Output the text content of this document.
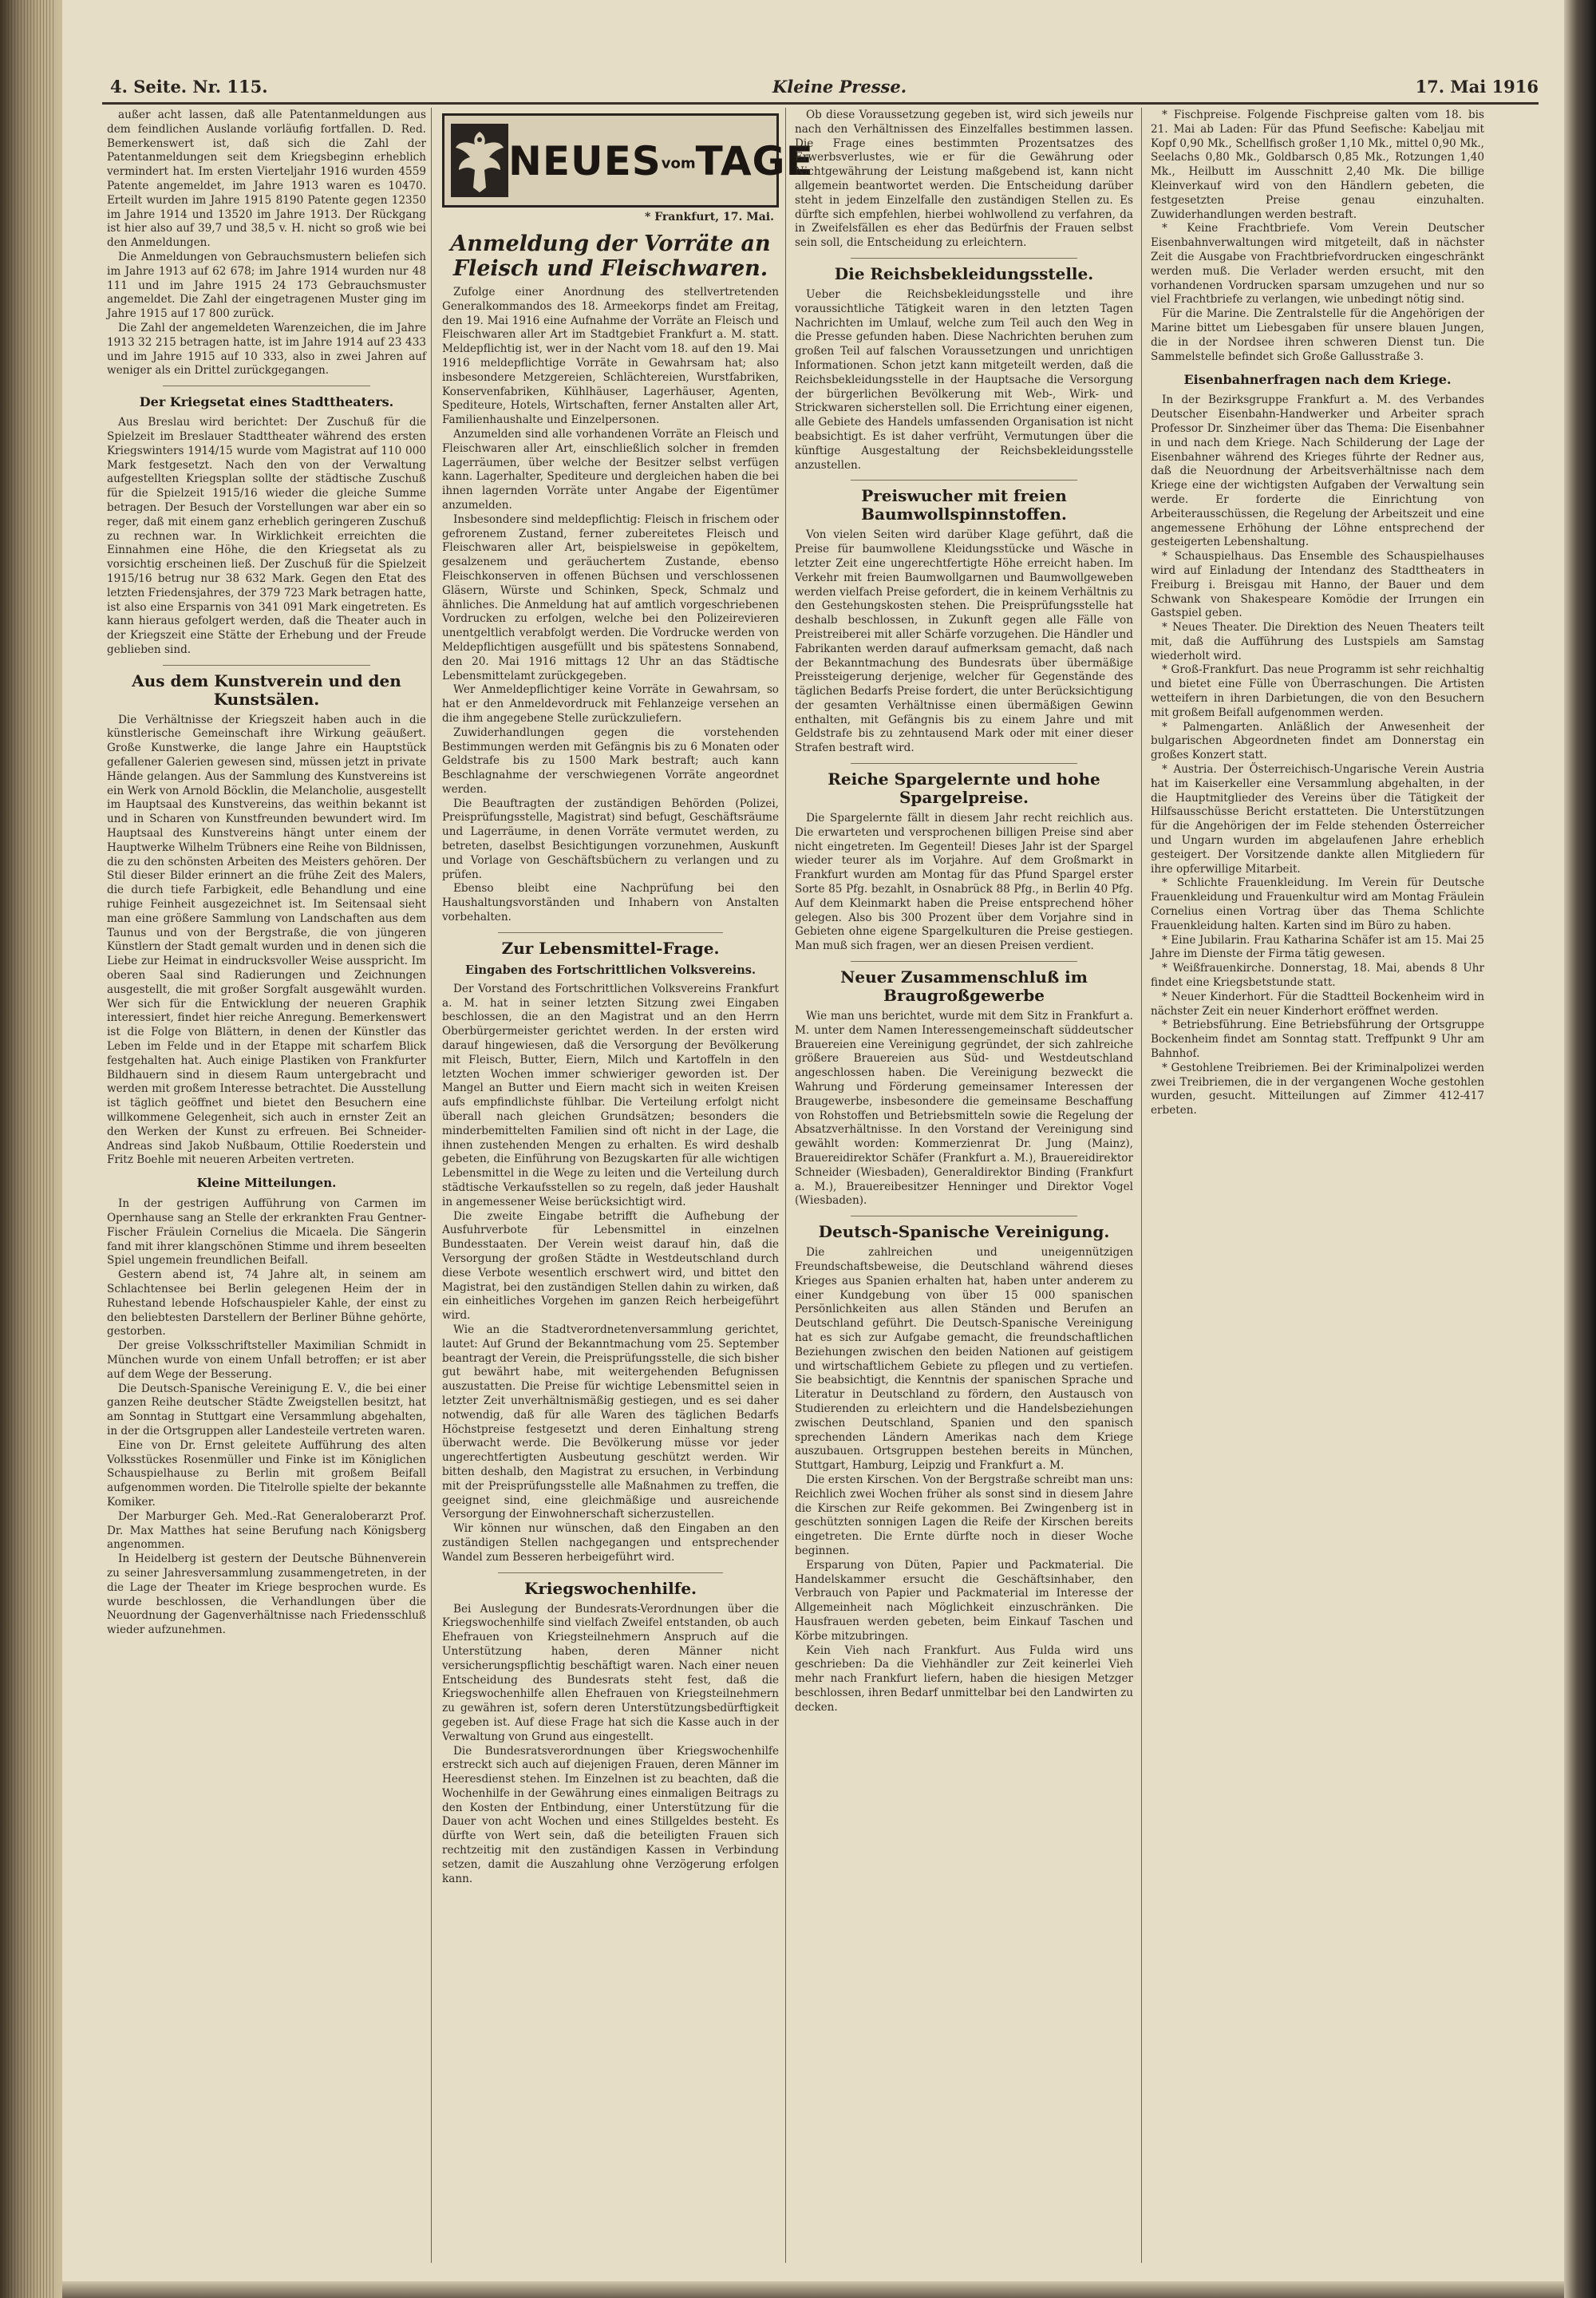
4. Seite. Nr. 115.	Kleine Presse.	17. Mai 1916

außer acht lassen, daß alle Patentanmeldungen aus dem feindlichen Auslande vorläufig fortfallen. D. Red. Bemerkenswert ist, daß sich die Zahl der Patentanmeldungen seit dem Kriegsbeginn erheblich vermindert hat. Im ersten Vierteljahr 1916 wurden 4559 Patente angemeldet, im Jahre 1913 waren es 10470. Erteilt wurden im Jahre 1915 8190 Patente gegen 12350 im Jahre 1914 und 13520 im Jahre 1913. Der Rückgang ist hier also auf 39,7 und 38,5 v. H. nicht so groß wie bei den Anmeldungen.

Die Anmeldungen von Gebrauchsmustern beliefen sich im Jahre 1913 auf 62 678; im Jahre 1914 wurden nur 48 111 und im Jahre 1915 24 173 Gebrauchsmuster angemeldet. Die Zahl der eingetragenen Muster ging im Jahre 1915 auf 17 800 zurück.

Die Zahl der angemeldeten Warenzeichen, die im Jahre 1913 32 215 betragen hatte, ist im Jahre 1914 auf 23 433 und im Jahre 1915 auf 10 333, also in zwei Jahren auf weniger als ein Drittel zurückgegangen.

Der Kriegsetat eines Stadttheaters.

Aus Breslau wird berichtet: Der Zuschuß für die Spielzeit im Breslauer Stadttheater während des ersten Kriegswinters 1914/15 wurde vom Magistrat auf 110 000 Mark festgesetzt. Nach den von der Verwaltung aufgestellten Kriegsplan sollte der städtische Zuschuß für die Spielzeit 1915/16 wieder die gleiche Summe betragen. Der Besuch der Vorstellungen war aber ein so reger, daß mit einem ganz erheblich geringeren Zuschuß zu rechnen war. In Wirklichkeit erreichten die Einnahmen eine Höhe, die den Kriegsetat als zu vorsichtig erscheinen ließ. Der Zuschuß für die Spielzeit 1915/16 betrug nur 38 632 Mark. Gegen den Etat des letzten Friedensjahres, der 379 723 Mark betragen hatte, ist also eine Ersparnis von 341 091 Mark eingetreten. Es kann hieraus gefolgert werden, daß die Theater auch in der Kriegszeit eine Stätte der Erhebung und der Freude geblieben sind.

Aus dem Kunstverein und den Kunstsälen.

Die Verhältnisse der Kriegszeit haben auch in die künstlerische Gemeinschaft ihre Wirkung geäußert. Große Kunstwerke, die lange Jahre ein Hauptstück gefallener Galerien gewesen sind, müssen jetzt in private Hände gelangen. Aus der Sammlung des Kunstvereins ist ein Werk von Arnold Böcklin, die Melancholie, ausgestellt im Hauptsaal des Kunstvereins, das weithin bekannt ist und in Scharen von Kunstfreunden bewundert wird. Im Hauptsaal des Kunstvereins hängt unter einem der Hauptwerke Wilhelm Trübners eine Reihe von Bildnissen, die zu den schönsten Arbeiten des Meisters gehören. Der Stil dieser Bilder erinnert an die frühe Zeit des Malers, die durch tiefe Farbigkeit, edle Behandlung und eine ruhige Feinheit ausgezeichnet ist. Im Seitensaal sieht man eine größere Sammlung von Landschaften aus dem Taunus und von der Bergstraße, die von jüngeren Künstlern der Stadt gemalt wurden und in denen sich die Liebe zur Heimat in eindrucksvoller Weise ausspricht. Im oberen Saal sind Radierungen und Zeichnungen ausgestellt, die mit großer Sorgfalt ausgewählt wurden. Wer sich für die Entwicklung der neueren Graphik interessiert, findet hier reiche Anregung. Bemerkenswert ist die Folge von Blättern, in denen der Künstler das Leben im Felde und in der Etappe mit scharfem Blick festgehalten hat. Auch einige Plastiken von Frankfurter Bildhauern sind in diesem Raum untergebracht und werden mit großem Interesse betrachtet. Die Ausstellung ist täglich geöffnet und bietet den Besuchern eine willkommene Gelegenheit, sich auch in ernster Zeit an den Werken der Kunst zu erfreuen. Bei Schneider-Andreas sind Jakob Nußbaum, Ottilie Roederstein und Fritz Boehle mit neueren Arbeiten vertreten.

Kleine Mitteilungen.

In der gestrigen Aufführung von Carmen im Opernhause sang an Stelle der erkrankten Frau Gentner-Fischer Fräulein Cornelius die Micaela. Die Sängerin fand mit ihrer klangschönen Stimme und ihrem beseelten Spiel ungemein freundlichen Beifall.

Gestern abend ist, 74 Jahre alt, in seinem am Schlachtensee bei Berlin gelegenen Heim der in Ruhestand lebende Hofschauspieler Kahle, der einst zu den beliebtesten Darstellern der Berliner Bühne gehörte, gestorben.

Der greise Volksschriftsteller Maximilian Schmidt in München wurde von einem Unfall betroffen; er ist aber auf dem Wege der Besserung.

Die Deutsch-Spanische Vereinigung E. V., die bei einer ganzen Reihe deutscher Städte Zweigstellen besitzt, hat am Sonntag in Stuttgart eine Versammlung abgehalten, in der die Ortsgruppen aller Landesteile vertreten waren.

Eine von Dr. Ernst geleitete Aufführung des alten Volksstückes Rosenmüller und Finke ist im Königlichen Schauspielhause zu Berlin mit großem Beifall aufgenommen worden. Die Titelrolle spielte der bekannte Komiker.

Der Marburger Geh. Med.-Rat Generaloberarzt Prof. Dr. Max Matthes hat seine Berufung nach Königsberg angenommen.

In Heidelberg ist gestern der Deutsche Bühnenverein zu seiner Jahresversammlung zusammengetreten, in der die Lage der Theater im Kriege besprochen wurde. Es wurde beschlossen, die Verhandlungen über die Neuordnung der Gagenverhältnisse nach Friedensschluß wieder aufzunehmen.

NEUESvomTAGE
* Frankfurt, 17. Mai.
Anmeldung der Vorräte an Fleisch und Fleischwaren.

Zufolge einer Anordnung des stellvertretenden Generalkommandos des 18. Armeekorps findet am Freitag, den 19. Mai 1916 eine Aufnahme der Vorräte an Fleisch und Fleischwaren aller Art im Stadtgebiet Frankfurt a. M. statt. Meldepflichtig ist, wer in der Nacht vom 18. auf den 19. Mai 1916 meldepflichtige Vorräte in Gewahrsam hat; also insbesondere Metzgereien, Schlächtereien, Wurstfabriken, Konservenfabriken, Kühlhäuser, Lagerhäuser, Agenten, Spediteure, Hotels, Wirtschaften, ferner Anstalten aller Art, Familienhaushalte und Einzelpersonen.

Anzumelden sind alle vorhandenen Vorräte an Fleisch und Fleischwaren aller Art, einschließlich solcher in fremden Lagerräumen, über welche der Besitzer selbst verfügen kann. Lagerhalter, Spediteure und dergleichen haben die bei ihnen lagernden Vorräte unter Angabe der Eigentümer anzumelden.

Insbesondere sind meldepflichtig: Fleisch in frischem oder gefrorenem Zustand, ferner zubereitetes Fleisch und Fleischwaren aller Art, beispielsweise in gepökeltem, gesalzenem und geräuchertem Zustande, ebenso Fleischkonserven in offenen Büchsen und verschlossenen Gläsern, Würste und Schinken, Speck, Schmalz und ähnliches. Die Anmeldung hat auf amtlich vorgeschriebenen Vordrucken zu erfolgen, welche bei den Polizeirevieren unentgeltlich verabfolgt werden. Die Vordrucke werden von Meldepflichtigen ausgefüllt und bis spätestens Sonnabend, den 20. Mai 1916 mittags 12 Uhr an das Städtische Lebensmittelamt zurückgegeben.

Wer Anmeldepflichtiger keine Vorräte in Gewahrsam, so hat er den Anmeldevordruck mit Fehlanzeige versehen an die ihm angegebene Stelle zurückzuliefern.

Zuwiderhandlungen gegen die vorstehenden Bestimmungen werden mit Gefängnis bis zu 6 Monaten oder Geldstrafe bis zu 1500 Mark bestraft; auch kann Beschlagnahme der verschwiegenen Vorräte angeordnet werden.

Die Beauftragten der zuständigen Behörden (Polizei, Preisprüfungsstelle, Magistrat) sind befugt, Geschäftsräume und Lagerräume, in denen Vorräte vermutet werden, zu betreten, daselbst Besichtigungen vorzunehmen, Auskunft und Vorlage von Geschäftsbüchern zu verlangen und zu prüfen.

Ebenso bleibt eine Nachprüfung bei den Haushaltungsvorständen und Inhabern von Anstalten vorbehalten.

Zur Lebensmittel-Frage.
Eingaben des Fortschrittlichen Volksvereins.

Der Vorstand des Fortschrittlichen Volksvereins Frankfurt a. M. hat in seiner letzten Sitzung zwei Eingaben beschlossen, die an den Magistrat und an den Herrn Oberbürgermeister gerichtet werden. In der ersten wird darauf hingewiesen, daß die Versorgung der Bevölkerung mit Fleisch, Butter, Eiern, Milch und Kartoffeln in den letzten Wochen immer schwieriger geworden ist. Der Mangel an Butter und Eiern macht sich in weiten Kreisen aufs empfindlichste fühlbar. Die Verteilung erfolgt nicht überall nach gleichen Grundsätzen; besonders die minderbemittelten Familien sind oft nicht in der Lage, die ihnen zustehenden Mengen zu erhalten. Es wird deshalb gebeten, die Einführung von Bezugskarten für alle wichtigen Lebensmittel in die Wege zu leiten und die Verteilung durch städtische Verkaufsstellen so zu regeln, daß jeder Haushalt in angemessener Weise berücksichtigt wird.

Die zweite Eingabe betrifft die Aufhebung der Ausfuhrverbote für Lebensmittel in einzelnen Bundesstaaten. Der Verein weist darauf hin, daß die Versorgung der großen Städte in Westdeutschland durch diese Verbote wesentlich erschwert wird, und bittet den Magistrat, bei den zuständigen Stellen dahin zu wirken, daß ein einheitliches Vorgehen im ganzen Reich herbeigeführt wird.

Wie an die Stadtverordnetenversammlung gerichtet, lautet: Auf Grund der Bekanntmachung vom 25. September beantragt der Verein, die Preisprüfungsstelle, die sich bisher gut bewährt habe, mit weitergehenden Befugnissen auszustatten. Die Preise für wichtige Lebensmittel seien in letzter Zeit unverhältnismäßig gestiegen, und es sei daher notwendig, daß für alle Waren des täglichen Bedarfs Höchstpreise festgesetzt und deren Einhaltung streng überwacht werde. Die Bevölkerung müsse vor jeder ungerechtfertigten Ausbeutung geschützt werden. Wir bitten deshalb, den Magistrat zu ersuchen, in Verbindung mit der Preisprüfungsstelle alle Maßnahmen zu treffen, die geeignet sind, eine gleichmäßige und ausreichende Versorgung der Einwohnerschaft sicherzustellen.

Wir können nur wünschen, daß den Eingaben an den zuständigen Stellen nachgegangen und entsprechender Wandel zum Besseren herbeigeführt wird.

Kriegswochenhilfe.

Bei Auslegung der Bundesrats-Verordnungen über die Kriegswochenhilfe sind vielfach Zweifel entstanden, ob auch Ehefrauen von Kriegsteilnehmern Anspruch auf die Unterstützung haben, deren Männer nicht versicherungspflichtig beschäftigt waren. Nach einer neuen Entscheidung des Bundesrats steht fest, daß die Kriegswochenhilfe allen Ehefrauen von Kriegsteilnehmern zu gewähren ist, sofern deren Unterstützungsbedürftigkeit gegeben ist. Auf diese Frage hat sich die Kasse auch in der Verwaltung von Grund aus eingestellt.

Die Bundesratsverordnungen über Kriegswochenhilfe erstreckt sich auch auf diejenigen Frauen, deren Männer im Heeresdienst stehen. Im Einzelnen ist zu beachten, daß die Wochenhilfe in der Gewährung eines einmaligen Beitrags zu den Kosten der Entbindung, einer Unterstützung für die Dauer von acht Wochen und eines Stillgeldes besteht. Es dürfte von Wert sein, daß die beteiligten Frauen sich rechtzeitig mit den zuständigen Kassen in Verbindung setzen, damit die Auszahlung ohne Verzögerung erfolgen kann.

Ob diese Voraussetzung gegeben ist, wird sich jeweils nur nach den Verhältnissen des Einzelfalles bestimmen lassen. Die Frage eines bestimmten Prozentsatzes des Erwerbsverlustes, wie er für die Gewährung oder Nichtgewährung der Leistung maßgebend ist, kann nicht allgemein beantwortet werden. Die Entscheidung darüber steht in jedem Einzelfalle den zuständigen Stellen zu. Es dürfte sich empfehlen, hierbei wohlwollend zu verfahren, da in Zweifelsfällen es eher das Bedürfnis der Frauen selbst sein soll, die Entscheidung zu erleichtern.

Die Reichsbekleidungsstelle.

Ueber die Reichsbekleidungsstelle und ihre voraussichtliche Tätigkeit waren in den letzten Tagen Nachrichten im Umlauf, welche zum Teil auch den Weg in die Presse gefunden haben. Diese Nachrichten beruhen zum großen Teil auf falschen Voraussetzungen und unrichtigen Informationen. Schon jetzt kann mitgeteilt werden, daß die Reichsbekleidungsstelle in der Hauptsache die Versorgung der bürgerlichen Bevölkerung mit Web-, Wirk- und Strickwaren sicherstellen soll. Die Errichtung einer eigenen, alle Gebiete des Handels umfassenden Organisation ist nicht beabsichtigt. Es ist daher verfrüht, Vermutungen über die künftige Ausgestaltung der Reichsbekleidungsstelle anzustellen.

Preiswucher mit freien Baumwollspinnstoffen.

Von vielen Seiten wird darüber Klage geführt, daß die Preise für baumwollene Kleidungsstücke und Wäsche in letzter Zeit eine ungerechtfertigte Höhe erreicht haben. Im Verkehr mit freien Baumwollgarnen und Baumwollgeweben werden vielfach Preise gefordert, die in keinem Verhältnis zu den Gestehungskosten stehen. Die Preisprüfungsstelle hat deshalb beschlossen, in Zukunft gegen alle Fälle von Preistreiberei mit aller Schärfe vorzugehen. Die Händler und Fabrikanten werden darauf aufmerksam gemacht, daß nach der Bekanntmachung des Bundesrats über übermäßige Preissteigerung derjenige, welcher für Gegenstände des täglichen Bedarfs Preise fordert, die unter Berücksichtigung der gesamten Verhältnisse einen übermäßigen Gewinn enthalten, mit Gefängnis bis zu einem Jahre und mit Geldstrafe bis zu zehntausend Mark oder mit einer dieser Strafen bestraft wird.

Reiche Spargelernte und hohe Spargelpreise.

Die Spargelernte fällt in diesem Jahr recht reichlich aus. Die erwarteten und versprochenen billigen Preise sind aber nicht eingetreten. Im Gegenteil! Dieses Jahr ist der Spargel wieder teurer als im Vorjahre. Auf dem Großmarkt in Frankfurt wurden am Montag für das Pfund Spargel erster Sorte 85 Pfg. bezahlt, in Osnabrück 88 Pfg., in Berlin 40 Pfg. Auf dem Kleinmarkt haben die Preise entsprechend höher gelegen. Also bis 300 Prozent über dem Vorjahre sind in Gebieten ohne eigene Spargelkulturen die Preise gestiegen. Man muß sich fragen, wer an diesen Preisen verdient.

Neuer Zusammenschluß im Braugroßgewerbe

Wie man uns berichtet, wurde mit dem Sitz in Frankfurt a. M. unter dem Namen Interessengemeinschaft süddeutscher Brauereien eine Vereinigung gegründet, der sich zahlreiche größere Brauereien aus Süd- und Westdeutschland angeschlossen haben. Die Vereinigung bezweckt die Wahrung und Förderung gemeinsamer Interessen der Braugewerbe, insbesondere die gemeinsame Beschaffung von Rohstoffen und Betriebsmitteln sowie die Regelung der Absatzverhältnisse. In den Vorstand der Vereinigung sind gewählt worden: Kommerzienrat Dr. Jung (Mainz), Brauereidirektor Schäfer (Frankfurt a. M.), Brauereidirektor Schneider (Wiesbaden), Generaldirektor Binding (Frankfurt a. M.), Brauereibesitzer Henninger und Direktor Vogel (Wiesbaden).

Deutsch-Spanische Vereinigung.

Die zahlreichen und uneigennützigen Freundschaftsbeweise, die Deutschland während dieses Krieges aus Spanien erhalten hat, haben unter anderem zu einer Kundgebung von über 15 000 spanischen Persönlichkeiten aus allen Ständen und Berufen an Deutschland geführt. Die Deutsch-Spanische Vereinigung hat es sich zur Aufgabe gemacht, die freundschaftlichen Beziehungen zwischen den beiden Nationen auf geistigem und wirtschaftlichem Gebiete zu pflegen und zu vertiefen. Sie beabsichtigt, die Kenntnis der spanischen Sprache und Literatur in Deutschland zu fördern, den Austausch von Studierenden zu erleichtern und die Handelsbeziehungen zwischen Deutschland, Spanien und den spanisch sprechenden Ländern Amerikas nach dem Kriege auszubauen. Ortsgruppen bestehen bereits in München, Stuttgart, Hamburg, Leipzig und Frankfurt a. M.

Die ersten Kirschen. Von der Bergstraße schreibt man uns: Reichlich zwei Wochen früher als sonst sind in diesem Jahre die Kirschen zur Reife gekommen. Bei Zwingenberg ist in geschützten sonnigen Lagen die Reife der Kirschen bereits eingetreten. Die Ernte dürfte noch in dieser Woche beginnen.

Ersparung von Düten, Papier und Packmaterial. Die Handelskammer ersucht die Geschäftsinhaber, den Verbrauch von Papier und Packmaterial im Interesse der Allgemeinheit nach Möglichkeit einzuschränken. Die Hausfrauen werden gebeten, beim Einkauf Taschen und Körbe mitzubringen.

Kein Vieh nach Frankfurt. Aus Fulda wird uns geschrieben: Da die Viehhändler zur Zeit keinerlei Vieh mehr nach Frankfurt liefern, haben die hiesigen Metzger beschlossen, ihren Bedarf unmittelbar bei den Landwirten zu decken.

* Fischpreise. Folgende Fischpreise galten vom 18. bis 21. Mai ab Laden: Für das Pfund Seefische: Kabeljau mit Kopf 0,90 Mk., Schellfisch großer 1,10 Mk., mittel 0,90 Mk., Seelachs 0,80 Mk., Goldbarsch 0,85 Mk., Rotzungen 1,40 Mk., Heilbutt im Ausschnitt 2,40 Mk. Die billige Kleinverkauf wird von den Händlern gebeten, die festgesetzten Preise genau einzuhalten. Zuwiderhandlungen werden bestraft.

* Keine Frachtbriefe. Vom Verein Deutscher Eisenbahnverwaltungen wird mitgeteilt, daß in nächster Zeit die Ausgabe von Frachtbriefvordrucken eingeschränkt werden muß. Die Verlader werden ersucht, mit den vorhandenen Vordrucken sparsam umzugehen und nur so viel Frachtbriefe zu verlangen, wie unbedingt nötig sind.

Für die Marine. Die Zentralstelle für die Angehörigen der Marine bittet um Liebesgaben für unsere blauen Jungen, die in der Nordsee ihren schweren Dienst tun. Die Sammelstelle befindet sich Große Gallusstraße 3.

Eisenbahnerfragen nach dem Kriege.

In der Bezirksgruppe Frankfurt a. M. des Verbandes Deutscher Eisenbahn-Handwerker und Arbeiter sprach Professor Dr. Sinzheimer über das Thema: Die Eisenbahner in und nach dem Kriege. Nach Schilderung der Lage der Eisenbahner während des Krieges führte der Redner aus, daß die Neuordnung der Arbeitsverhältnisse nach dem Kriege eine der wichtigsten Aufgaben der Verwaltung sein werde. Er forderte die Einrichtung von Arbeiterausschüssen, die Regelung der Arbeitszeit und eine angemessene Erhöhung der Löhne entsprechend der gesteigerten Lebenshaltung.

* Schauspielhaus. Das Ensemble des Schauspielhauses wird auf Einladung der Intendanz des Stadttheaters in Freiburg i. Breisgau mit Hanno, der Bauer und dem Schwank von Shakespeare Komödie der Irrungen ein Gastspiel geben.

* Neues Theater. Die Direktion des Neuen Theaters teilt mit, daß die Aufführung des Lustspiels am Samstag wiederholt wird.

* Groß-Frankfurt. Das neue Programm ist sehr reichhaltig und bietet eine Fülle von Überraschungen. Die Artisten wetteifern in ihren Darbietungen, die von den Besuchern mit großem Beifall aufgenommen werden.

* Palmengarten. Anläßlich der Anwesenheit der bulgarischen Abgeordneten findet am Donnerstag ein großes Konzert statt.

* Austria. Der Österreichisch-Ungarische Verein Austria hat im Kaiserkeller eine Versammlung abgehalten, in der die Hauptmitglieder des Vereins über die Tätigkeit der Hilfsausschüsse Bericht erstatteten. Die Unterstützungen für die Angehörigen der im Felde stehenden Österreicher und Ungarn wurden im abgelaufenen Jahre erheblich gesteigert. Der Vorsitzende dankte allen Mitgliedern für ihre opferwillige Mitarbeit.

* Schlichte Frauenkleidung. Im Verein für Deutsche Frauenkleidung und Frauenkultur wird am Montag Fräulein Cornelius einen Vortrag über das Thema Schlichte Frauenkleidung halten. Karten sind im Büro zu haben.

* Eine Jubilarin. Frau Katharina Schäfer ist am 15. Mai 25 Jahre im Dienste der Firma tätig gewesen.

* Weißfrauenkirche. Donnerstag, 18. Mai, abends 8 Uhr findet eine Kriegsbetstunde statt.

* Neuer Kinderhort. Für die Stadtteil Bockenheim wird in nächster Zeit ein neuer Kinderhort eröffnet werden.

* Betriebsführung. Eine Betriebsführung der Ortsgruppe Bockenheim findet am Sonntag statt. Treffpunkt 9 Uhr am Bahnhof.

* Gestohlene Treibriemen. Bei der Kriminalpolizei werden zwei Treibriemen, die in der vergangenen Woche gestohlen wurden, gesucht. Mitteilungen auf Zimmer 412-417 erbeten.
